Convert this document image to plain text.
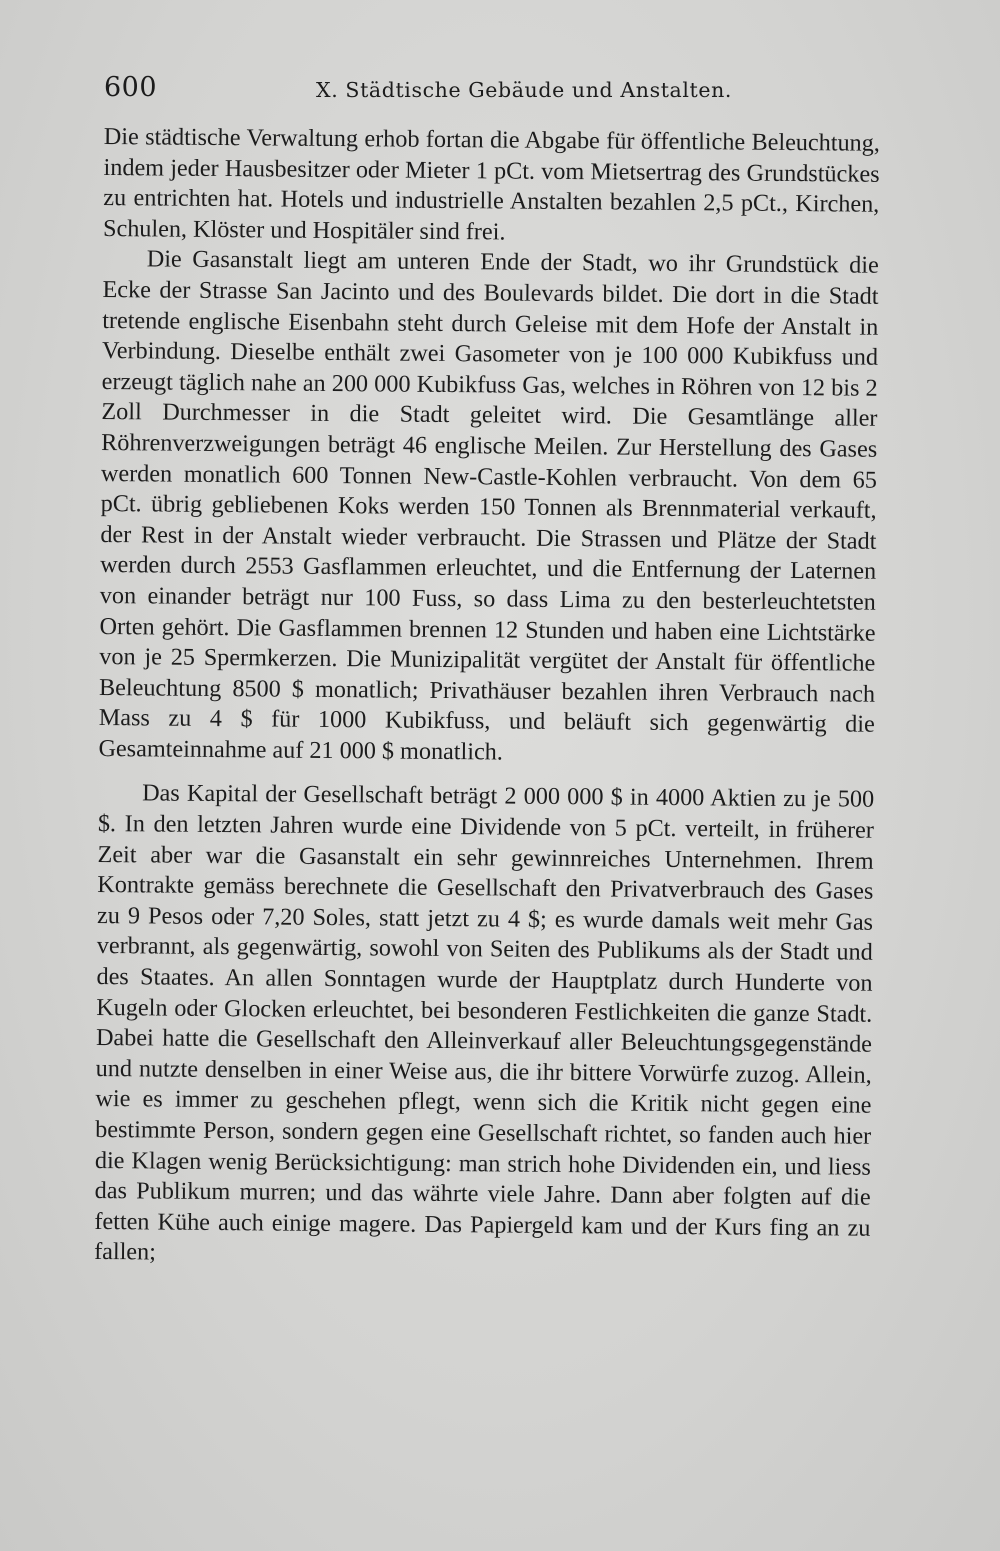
600	X. Städtische Gebäude und Anstalten.

Die städtische Verwaltung erhob fortan die Abgabe für öffentliche Beleuchtung, indem jeder Hausbesitzer oder Mieter 1 pCt. vom Mietsertrag des Grundstückes zu entrichten hat. Hotels und industrielle Anstalten bezahlen 2,5 pCt., Kirchen, Schulen, Klöster und Hospitäler sind frei.

Die Gasanstalt liegt am unteren Ende der Stadt, wo ihr Grundstück die Ecke der Strasse San Jacinto und des Boulevards bildet. Die dort in die Stadt tretende englische Eisenbahn steht durch Geleise mit dem Hofe der Anstalt in Verbindung. Dieselbe enthält zwei Gasometer von je 100 000 Kubikfuss und erzeugt täglich nahe an 200 000 Kubikfuss Gas, welches in Röhren von 12 bis 2 Zoll Durchmesser in die Stadt geleitet wird. Die Gesamtlänge aller Röhrenverzweigungen beträgt 46 englische Meilen. Zur Herstellung des Gases werden monatlich 600 Tonnen New-Castle-Kohlen verbraucht. Von dem 65 pCt. übrig gebliebenen Koks werden 150 Tonnen als Brennmaterial verkauft, der Rest in der Anstalt wieder verbraucht. Die Strassen und Plätze der Stadt werden durch 2553 Gasflammen erleuchtet, und die Entfernung der Laternen von einander beträgt nur 100 Fuss, so dass Lima zu den besterleuchtetsten Orten gehört. Die Gasflammen brennen 12 Stunden und haben eine Lichtstärke von je 25 Spermkerzen. Die Munizipalität vergütet der Anstalt für öffentliche Beleuchtung 8500 $ monatlich; Privathäuser bezahlen ihren Verbrauch nach Mass zu 4 $ für 1000 Kubikfuss, und beläuft sich gegenwärtig die Gesamteinnahme auf 21 000 $ monatlich.

Das Kapital der Gesellschaft beträgt 2 000 000 $ in 4000 Aktien zu je 500 $. In den letzten Jahren wurde eine Dividende von 5 pCt. verteilt, in früherer Zeit aber war die Gasanstalt ein sehr gewinnreiches Unternehmen. Ihrem Kontrakte gemäss berechnete die Gesellschaft den Privatverbrauch des Gases zu 9 Pesos oder 7,20 Soles, statt jetzt zu 4 $; es wurde damals weit mehr Gas verbrannt, als gegenwärtig, sowohl von Seiten des Publikums als der Stadt und des Staates. An allen Sonntagen wurde der Hauptplatz durch Hunderte von Kugeln oder Glocken erleuchtet, bei besonderen Festlichkeiten die ganze Stadt. Dabei hatte die Gesellschaft den Alleinverkauf aller Beleuchtungsgegenstände und nutzte denselben in einer Weise aus, die ihr bittere Vorwürfe zuzog. Allein, wie es immer zu geschehen pflegt, wenn sich die Kritik nicht gegen eine bestimmte Person, sondern gegen eine Gesellschaft richtet, so fanden auch hier die Klagen wenig Berücksichtigung: man strich hohe Dividenden ein, und liess das Publikum murren; und das währte viele Jahre. Dann aber folgten auf die fetten Kühe auch einige magere. Das Papiergeld kam und der Kurs fing an zu fallen;
